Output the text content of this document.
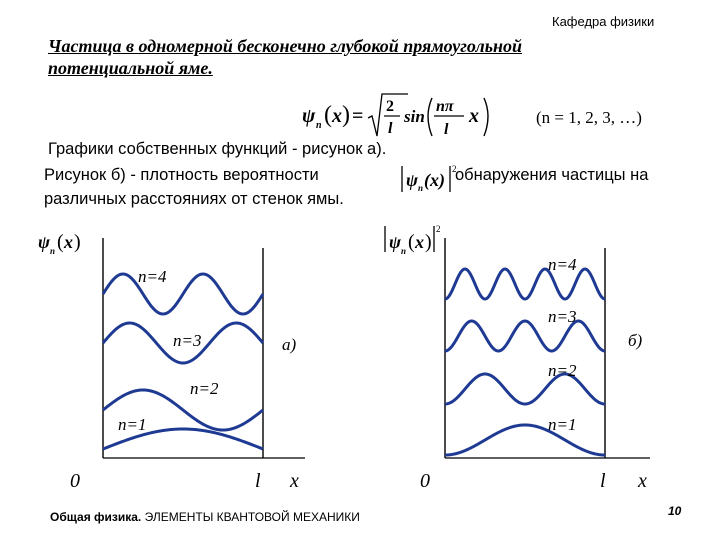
Кафедра физики
Частица в одномерной бесконечно глубокой прямоугольной
потенциальной яме.
ψ n ( x ) = 2
l
sin
nπ
l
x	(n = 1, 2, 3, …)
Графики собственных функций - рисунок а).
Рисунок б) - плотность вероятности	ψ n (x)
2
обнаружения частицы на
различных расстояниях от стенок ямы.
ψ n ( x )
n=4
n=3
n=2
n=1
а)
0	l x
ψ n ( x )
2
n=4
n=3
n=2
n=1
б)
0	l x
Общая физика. ЭЛЕМЕНТЫ КВАНТОВОЙ МЕХАНИКИ	10
